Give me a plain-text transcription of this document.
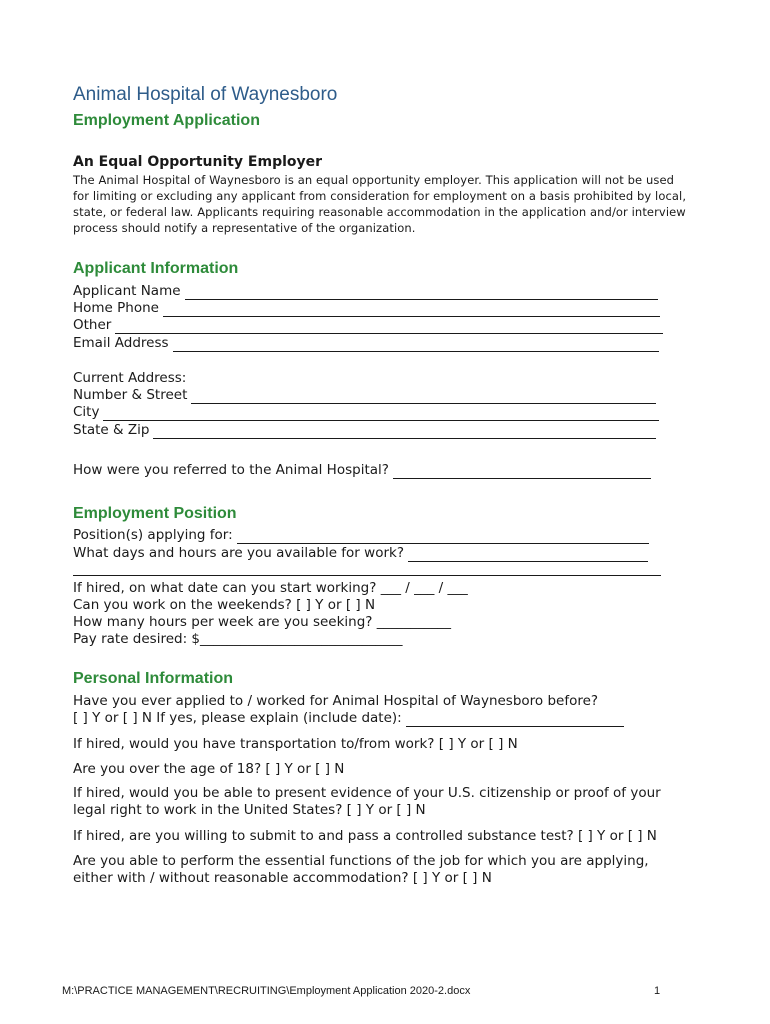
Animal Hospital of Waynesboro
Employment Application
An Equal Opportunity Employer
The Animal Hospital of Waynesboro is an equal opportunity employer. This application will not be used for limiting or excluding any applicant from consideration for employment on a basis prohibited by local, state, or federal law. Applicants requiring reasonable accommodation in the application and/or interview process should notify a representative of the organization.
Applicant Information
Applicant Name
Home Phone
Other
Email Address
Current Address:
Number & Street
City
State & Zip
How were you referred to the Animal Hospital?
Employment Position
Position(s) applying for:
What days and hours are you available for work?
If hired, on what date can you start working? ___ / ___ / ___
Can you work on the weekends? [ ] Y or [ ] N
How many hours per week are you seeking? ___________
Pay rate desired: $______________________________
Personal Information
Have you ever applied to / worked for Animal Hospital of Waynesboro before?
[ ] Y or [ ] N If yes, please explain (include date):
If hired, would you have transportation to/from work? [ ] Y or [ ] N
Are you over the age of 18? [ ] Y or [ ] N
If hired, would you be able to present evidence of your U.S. citizenship or proof of your
legal right to work in the United States? [ ] Y or [ ] N
If hired, are you willing to submit to and pass a controlled substance test? [ ] Y or [ ] N
Are you able to perform the essential functions of the job for which you are applying,
either with / without reasonable accommodation? [ ] Y or [ ] N
M:\PRACTICE MANAGEMENT\RECRUITING\Employment Application 2020-2.docx	1
